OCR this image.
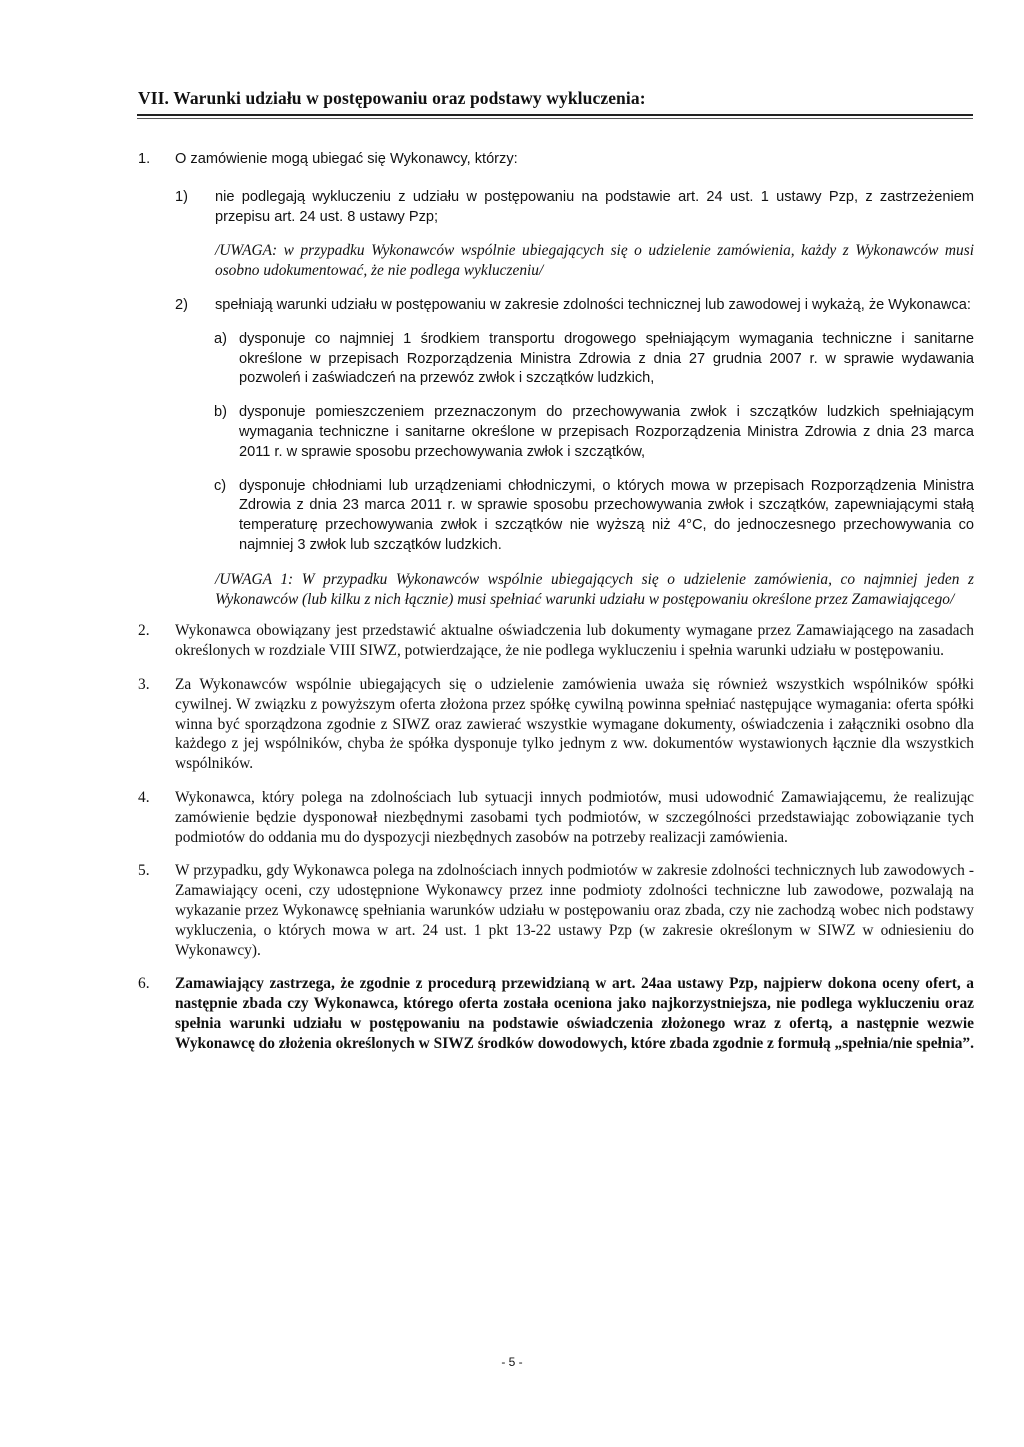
VII. Warunki udziału w postępowaniu oraz podstawy wykluczenia:
1.	O zamówienie mogą ubiegać się Wykonawcy, którzy:
1)	nie podlegają wykluczeniu z udziału w postępowaniu na podstawie art. 24 ust. 1 ustawy Pzp, z zastrzeżeniem przepisu art. 24 ust. 8 ustawy Pzp;
/UWAGA: w przypadku Wykonawców wspólnie ubiegających się o udzielenie zamówienia, każdy z Wykonawców musi osobno udokumentować, że nie podlega wykluczeniu/
2)	spełniają warunki udziału w postępowaniu w zakresie zdolności technicznej lub zawodowej i wykażą, że Wykonawca:
a) dysponuje co najmniej 1 środkiem transportu drogowego spełniającym wymagania techniczne i sanitarne określone w przepisach Rozporządzenia Ministra Zdrowia z dnia 27 grudnia 2007 r. w sprawie wydawania pozwoleń i zaświadczeń na przewóz zwłok i szczątków ludzkich,
b) dysponuje pomieszczeniem przeznaczonym do przechowywania zwłok i szczątków ludzkich spełniającym wymagania techniczne i sanitarne określone w przepisach Rozporządzenia Ministra Zdrowia z dnia 23 marca 2011 r. w sprawie sposobu przechowywania zwłok i szczątków,
c) dysponuje chłodniami lub urządzeniami chłodniczymi, o których mowa w przepisach Rozporządzenia Ministra Zdrowia z dnia 23 marca 2011 r. w sprawie sposobu przechowywania zwłok i szczątków, zapewniającymi stałą temperaturę przechowywania zwłok i szczątków nie wyższą niż 4°C, do jednoczesnego przechowywania co najmniej 3 zwłok lub szczątków ludzkich.
/UWAGA 1: W przypadku Wykonawców wspólnie ubiegających się o udzielenie zamówienia, co najmniej jeden z Wykonawców (lub kilku z nich łącznie) musi spełniać warunki udziału w postępowaniu określone przez Zamawiającego/
2.	Wykonawca obowiązany jest przedstawić aktualne oświadczenia lub dokumenty wymagane przez Zamawiającego na zasadach określonych w rozdziale VIII SIWZ, potwierdzające, że nie podlega wykluczeniu i spełnia warunki udziału w postępowaniu.
3.	Za Wykonawców wspólnie ubiegających się o udzielenie zamówienia uważa się również wszystkich wspólników spółki cywilnej. W związku z powyższym oferta złożona przez spółkę cywilną powinna spełniać następujące wymagania: oferta spółki winna być sporządzona zgodnie z SIWZ oraz zawierać wszystkie wymagane dokumenty, oświadczenia i załączniki osobno dla każdego z jej wspólników, chyba że spółka dysponuje tylko jednym z ww. dokumentów wystawionych łącznie dla wszystkich wspólników.
4.	Wykonawca, który polega na zdolnościach lub sytuacji innych podmiotów, musi udowodnić Zamawiającemu, że realizując zamówienie będzie dysponował niezbędnymi zasobami tych podmiotów, w szczególności przedstawiając zobowiązanie tych podmiotów do oddania mu do dyspozycji niezbędnych zasobów na potrzeby realizacji zamówienia.
5.	W przypadku, gdy Wykonawca polega na zdolnościach innych podmiotów w zakresie zdolności technicznych lub zawodowych - Zamawiający oceni, czy udostępnione Wykonawcy przez inne podmioty zdolności techniczne lub zawodowe, pozwalają na wykazanie przez Wykonawcę spełniania warunków udziału w postępowaniu oraz zbada, czy nie zachodzą wobec nich podstawy wykluczenia, o których mowa w art. 24 ust. 1 pkt 13-22 ustawy Pzp (w zakresie określonym w SIWZ w odniesieniu do Wykonawcy).
6.	Zamawiający zastrzega, że zgodnie z procedurą przewidzianą w art. 24aa ustawy Pzp, najpierw dokona oceny ofert, a następnie zbada czy Wykonawca, którego oferta została oceniona jako najkorzystniejsza, nie podlega wykluczeniu oraz spełnia warunki udziału w postępowaniu na podstawie oświadczenia złożonego wraz z ofertą, a następnie wezwie Wykonawcę do złożenia określonych w SIWZ środków dowodowych, które zbada zgodnie z formułą „spełnia/nie spełnia”.
- 5 -
